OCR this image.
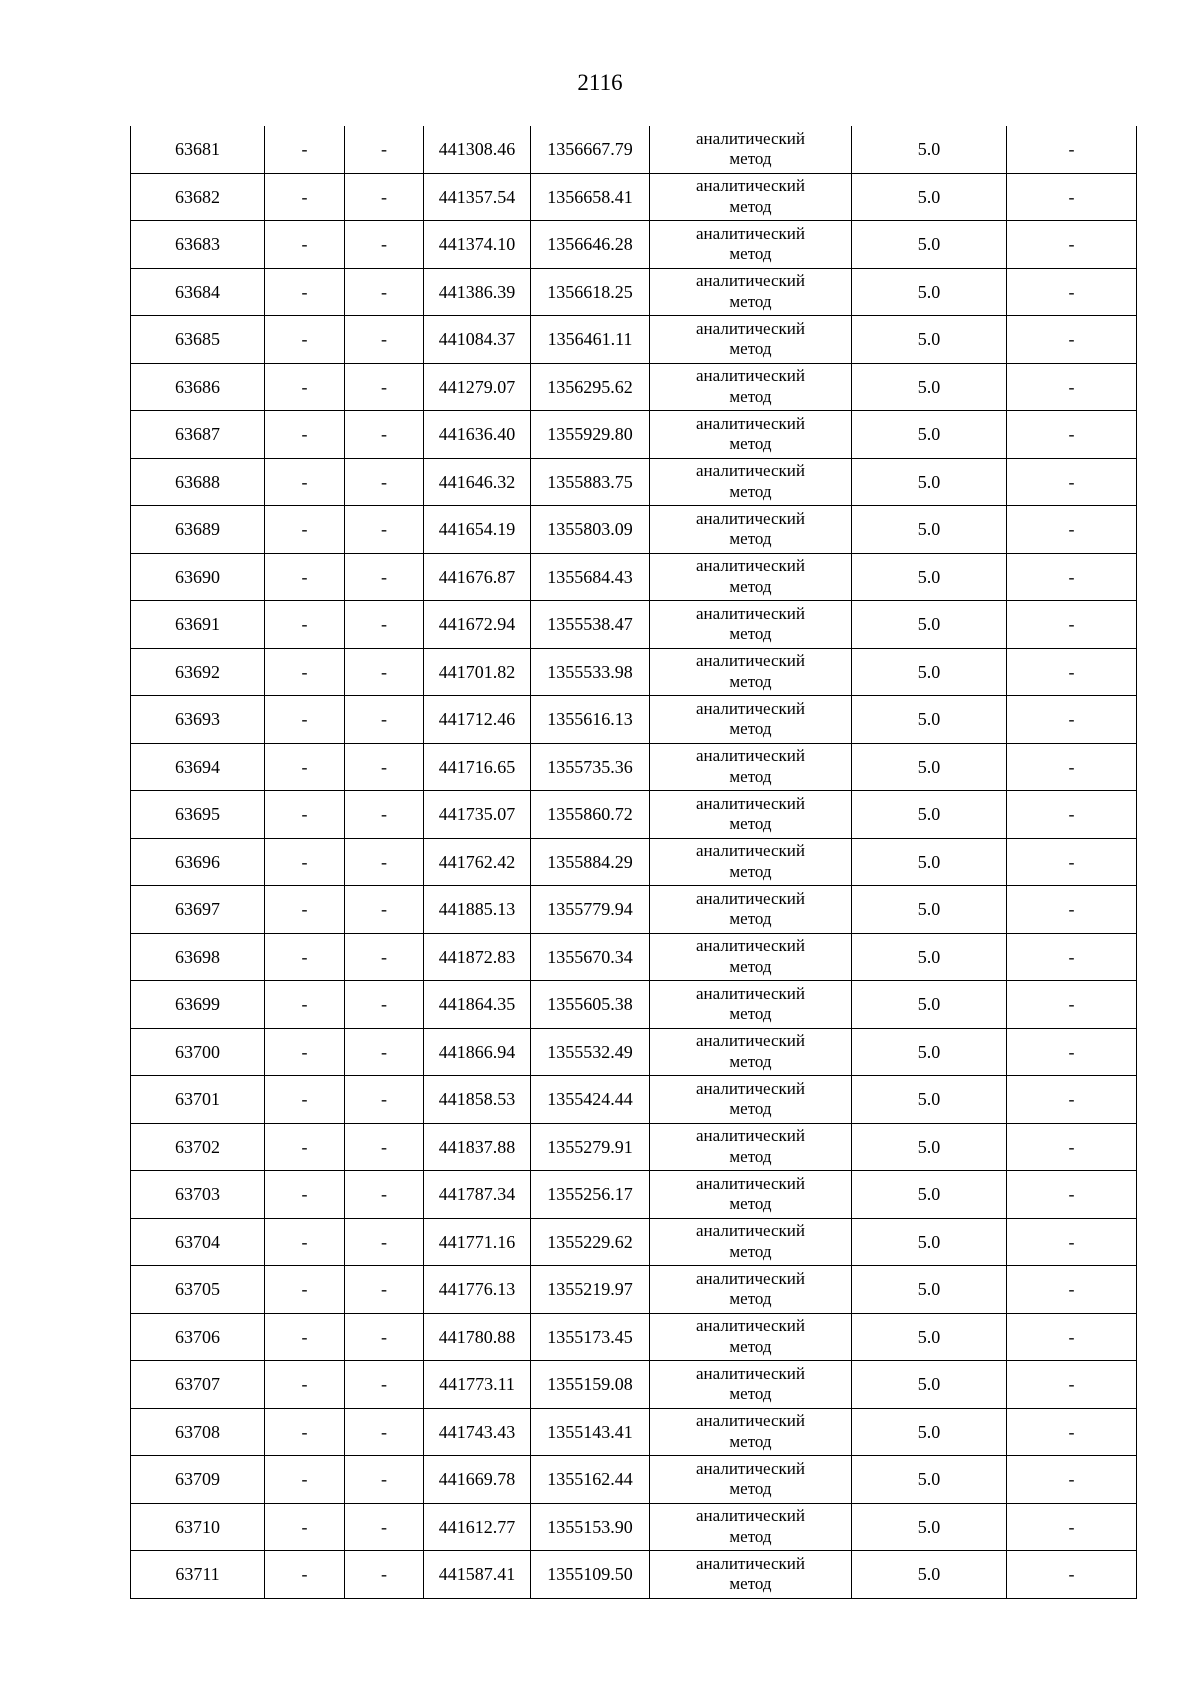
2116
63681	-	-	441308.46	1356667.79	аналитический
метод	5.0	-
63682	-	-	441357.54	1356658.41	аналитический
метод	5.0	-
63683	-	-	441374.10	1356646.28	аналитический
метод	5.0	-
63684	-	-	441386.39	1356618.25	аналитический
метод	5.0	-
63685	-	-	441084.37	1356461.11	аналитический
метод	5.0	-
63686	-	-	441279.07	1356295.62	аналитический
метод	5.0	-
63687	-	-	441636.40	1355929.80	аналитический
метод	5.0	-
63688	-	-	441646.32	1355883.75	аналитический
метод	5.0	-
63689	-	-	441654.19	1355803.09	аналитический
метод	5.0	-
63690	-	-	441676.87	1355684.43	аналитический
метод	5.0	-
63691	-	-	441672.94	1355538.47	аналитический
метод	5.0	-
63692	-	-	441701.82	1355533.98	аналитический
метод	5.0	-
63693	-	-	441712.46	1355616.13	аналитический
метод	5.0	-
63694	-	-	441716.65	1355735.36	аналитический
метод	5.0	-
63695	-	-	441735.07	1355860.72	аналитический
метод	5.0	-
63696	-	-	441762.42	1355884.29	аналитический
метод	5.0	-
63697	-	-	441885.13	1355779.94	аналитический
метод	5.0	-
63698	-	-	441872.83	1355670.34	аналитический
метод	5.0	-
63699	-	-	441864.35	1355605.38	аналитический
метод	5.0	-
63700	-	-	441866.94	1355532.49	аналитический
метод	5.0	-
63701	-	-	441858.53	1355424.44	аналитический
метод	5.0	-
63702	-	-	441837.88	1355279.91	аналитический
метод	5.0	-
63703	-	-	441787.34	1355256.17	аналитический
метод	5.0	-
63704	-	-	441771.16	1355229.62	аналитический
метод	5.0	-
63705	-	-	441776.13	1355219.97	аналитический
метод	5.0	-
63706	-	-	441780.88	1355173.45	аналитический
метод	5.0	-
63707	-	-	441773.11	1355159.08	аналитический
метод	5.0	-
63708	-	-	441743.43	1355143.41	аналитический
метод	5.0	-
63709	-	-	441669.78	1355162.44	аналитический
метод	5.0	-
63710	-	-	441612.77	1355153.90	аналитический
метод	5.0	-
63711	-	-	441587.41	1355109.50	аналитический
метод	5.0	-
